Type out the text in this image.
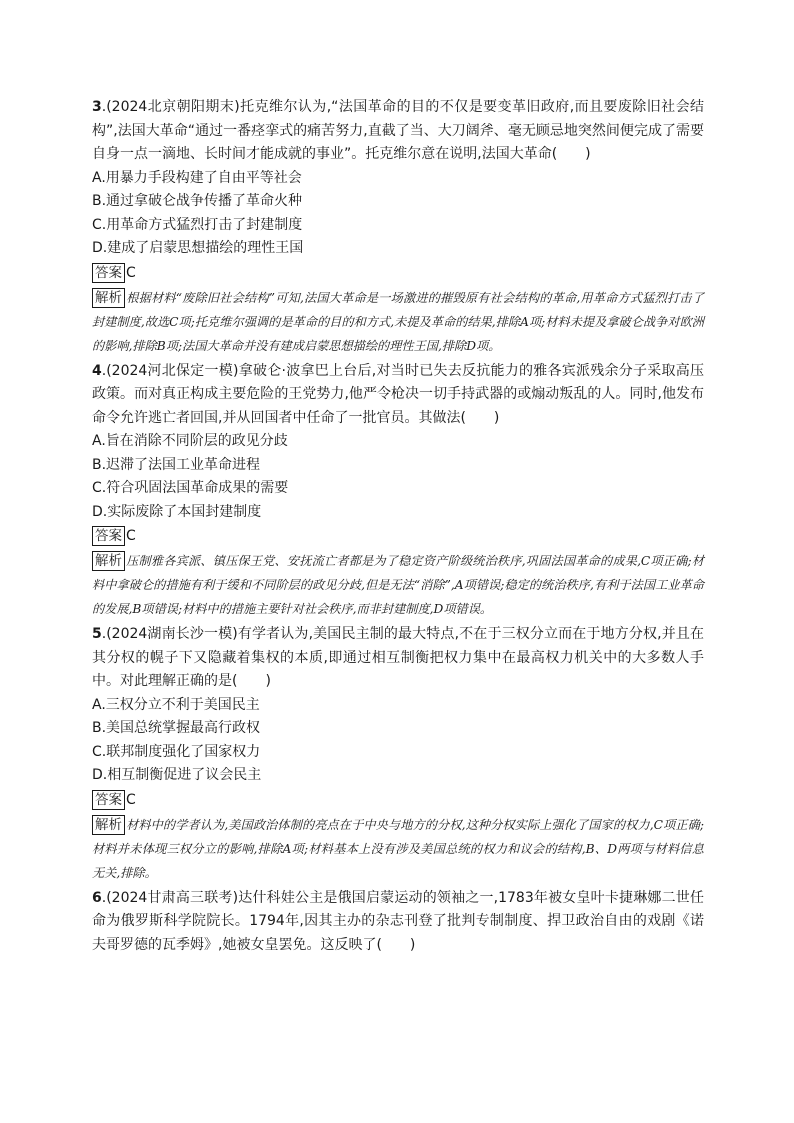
3.(2024北京朝阳期末)托克维尔认为,“法国革命的目的不仅是要变革旧政府,而且要废除旧社会结构”,法国大革命“通过一番痉挛式的痛苦努力,直截了当、大刀阔斧、毫无顾忌地突然间便完成了需要自身一点一滴地、长时间才能成就的事业”。托克维尔意在说明,法国大革命(　　)

A.用暴力手段构建了自由平等社会

B.通过拿破仑战争传播了革命火种

C.用革命方式猛烈打击了封建制度

D.建成了启蒙思想描绘的理性王国

答案 C

解析 根据材料“废除旧社会结构”可知,法国大革命是一场激进的摧毁原有社会结构的革命,用革命方式猛烈打击了封建制度,故选C项;托克维尔强调的是革命的目的和方式,未提及革命的结果,排除A项;材料未提及拿破仑战争对欧洲的影响,排除B项;法国大革命并没有建成启蒙思想描绘的理性王国,排除D项。

4.(2024河北保定一模)拿破仑·波拿巴上台后,对当时已失去反抗能力的雅各宾派残余分子采取高压政策。而对真正构成主要危险的王党势力,他严令枪决一切手持武器的或煽动叛乱的人。同时,他发布命令允许逃亡者回国,并从回国者中任命了一批官员。其做法(　　)

A.旨在消除不同阶层的政见分歧

B.迟滞了法国工业革命进程

C.符合巩固法国革命成果的需要

D.实际废除了本国封建制度

答案 C

解析 压制雅各宾派、镇压保王党、安抚流亡者都是为了稳定资产阶级统治秩序,巩固法国革命的成果,C项正确;材料中拿破仑的措施有利于缓和不同阶层的政见分歧,但是无法“消除”,A项错误;稳定的统治秩序,有利于法国工业革命的发展,B项错误;材料中的措施主要针对社会秩序,而非封建制度,D项错误。

5.(2024湖南长沙一模)有学者认为,美国民主制的最大特点,不在于三权分立而在于地方分权,并且在其分权的幌子下又隐藏着集权的本质,即通过相互制衡把权力集中在最高权力机关中的大多数人手中。对此理解正确的是(　　)

A.三权分立不利于美国民主

B.美国总统掌握最高行政权

C.联邦制度强化了国家权力

D.相互制衡促进了议会民主

答案 C

解析 材料中的学者认为,美国政治体制的亮点在于中央与地方的分权,这种分权实际上强化了国家的权力,C项正确;材料并未体现三权分立的影响,排除A项;材料基本上没有涉及美国总统的权力和议会的结构,B、D两项与材料信息无关,排除。

6.(2024甘肃高三联考)达什科娃公主是俄国启蒙运动的领袖之一,1783年被女皇叶卡捷琳娜二世任命为俄罗斯科学院院长。1794年,因其主办的杂志刊登了批判专制制度、捍卫政治自由的戏剧《诺夫哥罗德的瓦季姆》,她被女皇罢免。这反映了(　　)
